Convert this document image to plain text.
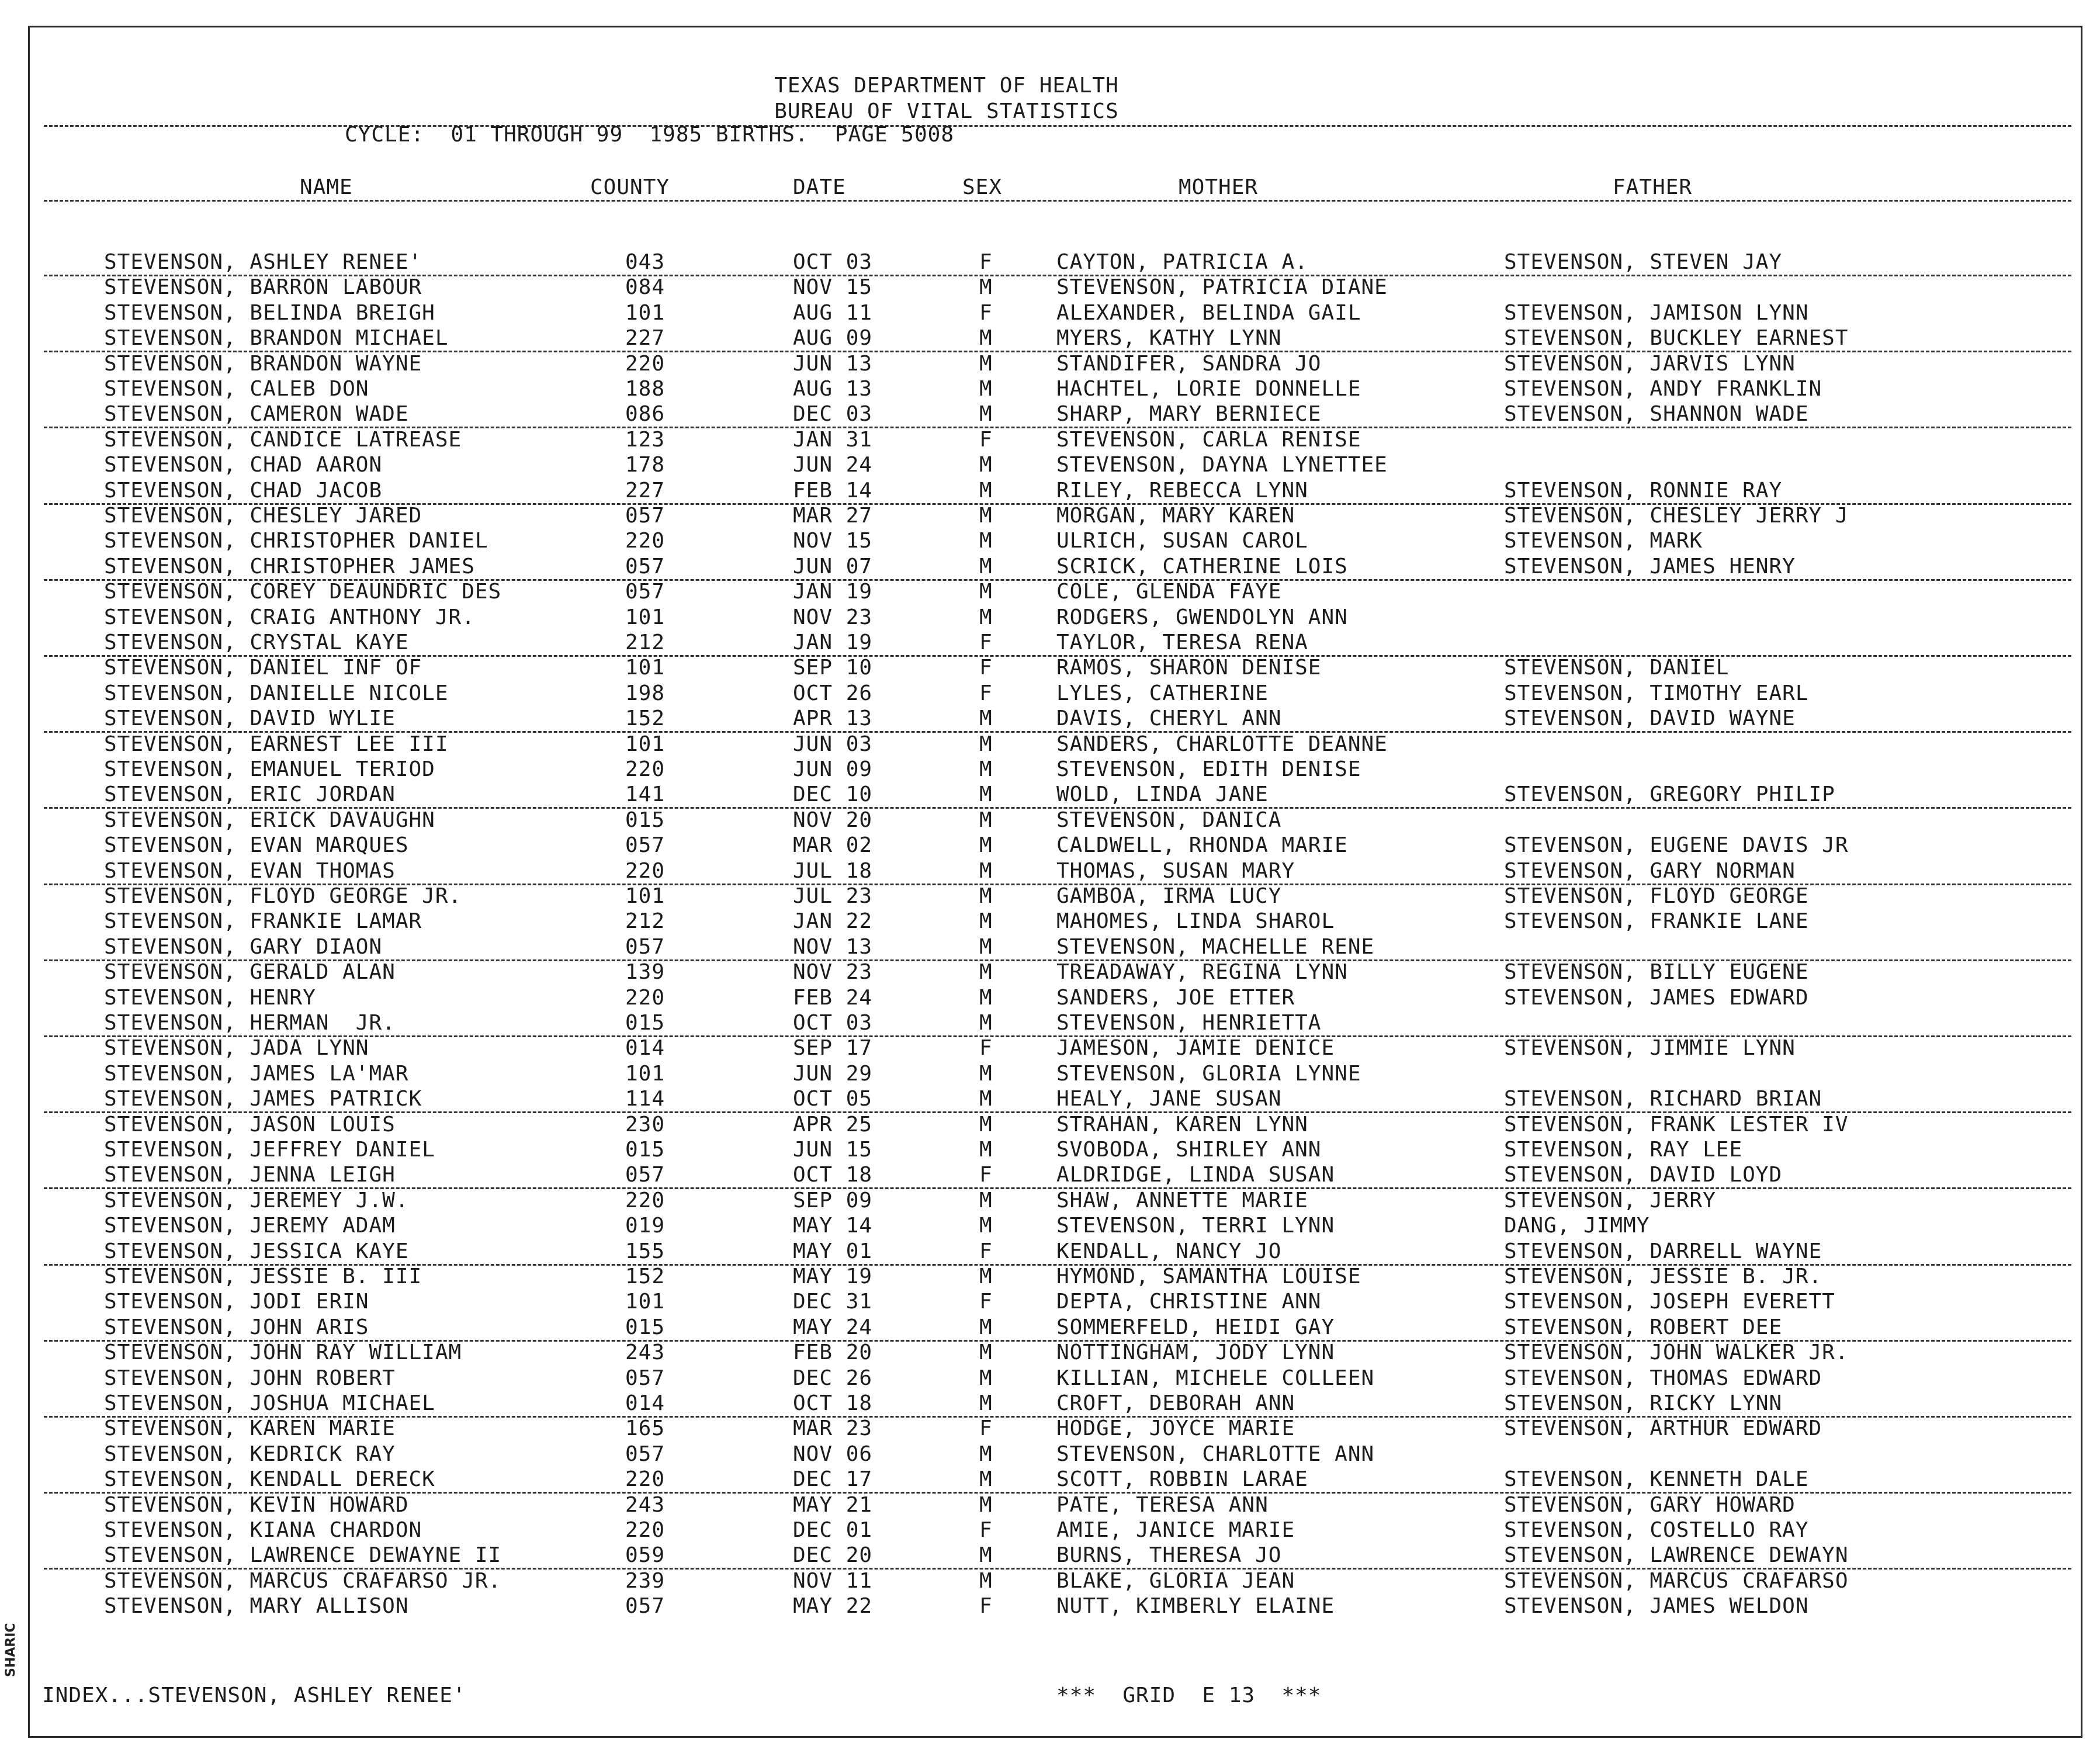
SHARIC
TEXAS DEPARTMENT OF HEALTH
BUREAU OF VITAL STATISTICS
CYCLE:  01 THROUGH 99  1985 BIRTHS.  PAGE 5008
NAME	COUNTY	DATE	SEX	MOTHER	FATHER
STEVENSON, ASHLEY RENEE'	043	OCT 03	F	CAYTON, PATRICIA A.	STEVENSON, STEVEN JAY
STEVENSON, BARRON LABOUR	084	NOV 15	M	STEVENSON, PATRICIA DIANE
STEVENSON, BELINDA BREIGH	101	AUG 11	F	ALEXANDER, BELINDA GAIL	STEVENSON, JAMISON LYNN
STEVENSON, BRANDON MICHAEL	227	AUG 09	M	MYERS, KATHY LYNN	STEVENSON, BUCKLEY EARNEST
STEVENSON, BRANDON WAYNE	220	JUN 13	M	STANDIFER, SANDRA JO	STEVENSON, JARVIS LYNN
STEVENSON, CALEB DON	188	AUG 13	M	HACHTEL, LORIE DONNELLE	STEVENSON, ANDY FRANKLIN
STEVENSON, CAMERON WADE	086	DEC 03	M	SHARP, MARY BERNIECE	STEVENSON, SHANNON WADE
STEVENSON, CANDICE LATREASE	123	JAN 31	F	STEVENSON, CARLA RENISE
STEVENSON, CHAD AARON	178	JUN 24	M	STEVENSON, DAYNA LYNETTEE
STEVENSON, CHAD JACOB	227	FEB 14	M	RILEY, REBECCA LYNN	STEVENSON, RONNIE RAY
STEVENSON, CHESLEY JARED	057	MAR 27	M	MORGAN, MARY KAREN	STEVENSON, CHESLEY JERRY J
STEVENSON, CHRISTOPHER DANIEL	220	NOV 15	M	ULRICH, SUSAN CAROL	STEVENSON, MARK
STEVENSON, CHRISTOPHER JAMES	057	JUN 07	M	SCRICK, CATHERINE LOIS	STEVENSON, JAMES HENRY
STEVENSON, COREY DEAUNDRIC DES	057	JAN 19	M	COLE, GLENDA FAYE
STEVENSON, CRAIG ANTHONY JR.	101	NOV 23	M	RODGERS, GWENDOLYN ANN
STEVENSON, CRYSTAL KAYE	212	JAN 19	F	TAYLOR, TERESA RENA
STEVENSON, DANIEL INF OF	101	SEP 10	F	RAMOS, SHARON DENISE	STEVENSON, DANIEL
STEVENSON, DANIELLE NICOLE	198	OCT 26	F	LYLES, CATHERINE	STEVENSON, TIMOTHY EARL
STEVENSON, DAVID WYLIE	152	APR 13	M	DAVIS, CHERYL ANN	STEVENSON, DAVID WAYNE
STEVENSON, EARNEST LEE III	101	JUN 03	M	SANDERS, CHARLOTTE DEANNE
STEVENSON, EMANUEL TERIOD	220	JUN 09	M	STEVENSON, EDITH DENISE
STEVENSON, ERIC JORDAN	141	DEC 10	M	WOLD, LINDA JANE	STEVENSON, GREGORY PHILIP
STEVENSON, ERICK DAVAUGHN	015	NOV 20	M	STEVENSON, DANICA
STEVENSON, EVAN MARQUES	057	MAR 02	M	CALDWELL, RHONDA MARIE	STEVENSON, EUGENE DAVIS JR
STEVENSON, EVAN THOMAS	220	JUL 18	M	THOMAS, SUSAN MARY	STEVENSON, GARY NORMAN
STEVENSON, FLOYD GEORGE JR.	101	JUL 23	M	GAMBOA, IRMA LUCY	STEVENSON, FLOYD GEORGE
STEVENSON, FRANKIE LAMAR	212	JAN 22	M	MAHOMES, LINDA SHAROL	STEVENSON, FRANKIE LANE
STEVENSON, GARY DIAON	057	NOV 13	M	STEVENSON, MACHELLE RENE
STEVENSON, GERALD ALAN	139	NOV 23	M	TREADAWAY, REGINA LYNN	STEVENSON, BILLY EUGENE
STEVENSON, HENRY	220	FEB 24	M	SANDERS, JOE ETTER	STEVENSON, JAMES EDWARD
STEVENSON, HERMAN  JR.	015	OCT 03	M	STEVENSON, HENRIETTA
STEVENSON, JADA LYNN	014	SEP 17	F	JAMESON, JAMIE DENICE	STEVENSON, JIMMIE LYNN
STEVENSON, JAMES LA'MAR	101	JUN 29	M	STEVENSON, GLORIA LYNNE
STEVENSON, JAMES PATRICK	114	OCT 05	M	HEALY, JANE SUSAN	STEVENSON, RICHARD BRIAN
STEVENSON, JASON LOUIS	230	APR 25	M	STRAHAN, KAREN LYNN	STEVENSON, FRANK LESTER IV
STEVENSON, JEFFREY DANIEL	015	JUN 15	M	SVOBODA, SHIRLEY ANN	STEVENSON, RAY LEE
STEVENSON, JENNA LEIGH	057	OCT 18	F	ALDRIDGE, LINDA SUSAN	STEVENSON, DAVID LOYD
STEVENSON, JEREMEY J.W.	220	SEP 09	M	SHAW, ANNETTE MARIE	STEVENSON, JERRY
STEVENSON, JEREMY ADAM	019	MAY 14	M	STEVENSON, TERRI LYNN	DANG, JIMMY
STEVENSON, JESSICA KAYE	155	MAY 01	F	KENDALL, NANCY JO	STEVENSON, DARRELL WAYNE
STEVENSON, JESSIE B. III	152	MAY 19	M	HYMOND, SAMANTHA LOUISE	STEVENSON, JESSIE B. JR.
STEVENSON, JODI ERIN	101	DEC 31	F	DEPTA, CHRISTINE ANN	STEVENSON, JOSEPH EVERETT
STEVENSON, JOHN ARIS	015	MAY 24	M	SOMMERFELD, HEIDI GAY	STEVENSON, ROBERT DEE
STEVENSON, JOHN RAY WILLIAM	243	FEB 20	M	NOTTINGHAM, JODY LYNN	STEVENSON, JOHN WALKER JR.
STEVENSON, JOHN ROBERT	057	DEC 26	M	KILLIAN, MICHELE COLLEEN	STEVENSON, THOMAS EDWARD
STEVENSON, JOSHUA MICHAEL	014	OCT 18	M	CROFT, DEBORAH ANN	STEVENSON, RICKY LYNN
STEVENSON, KAREN MARIE	165	MAR 23	F	HODGE, JOYCE MARIE	STEVENSON, ARTHUR EDWARD
STEVENSON, KEDRICK RAY	057	NOV 06	M	STEVENSON, CHARLOTTE ANN
STEVENSON, KENDALL DERECK	220	DEC 17	M	SCOTT, ROBBIN LARAE	STEVENSON, KENNETH DALE
STEVENSON, KEVIN HOWARD	243	MAY 21	M	PATE, TERESA ANN	STEVENSON, GARY HOWARD
STEVENSON, KIANA CHARDON	220	DEC 01	F	AMIE, JANICE MARIE	STEVENSON, COSTELLO RAY
STEVENSON, LAWRENCE DEWAYNE II	059	DEC 20	M	BURNS, THERESA JO	STEVENSON, LAWRENCE DEWAYN
STEVENSON, MARCUS CRAFARSO JR.	239	NOV 11	M	BLAKE, GLORIA JEAN	STEVENSON, MARCUS CRAFARSO
STEVENSON, MARY ALLISON	057	MAY 22	F	NUTT, KIMBERLY ELAINE	STEVENSON, JAMES WELDON
INDEX...STEVENSON, ASHLEY RENEE'	***  GRID  E 13  ***
